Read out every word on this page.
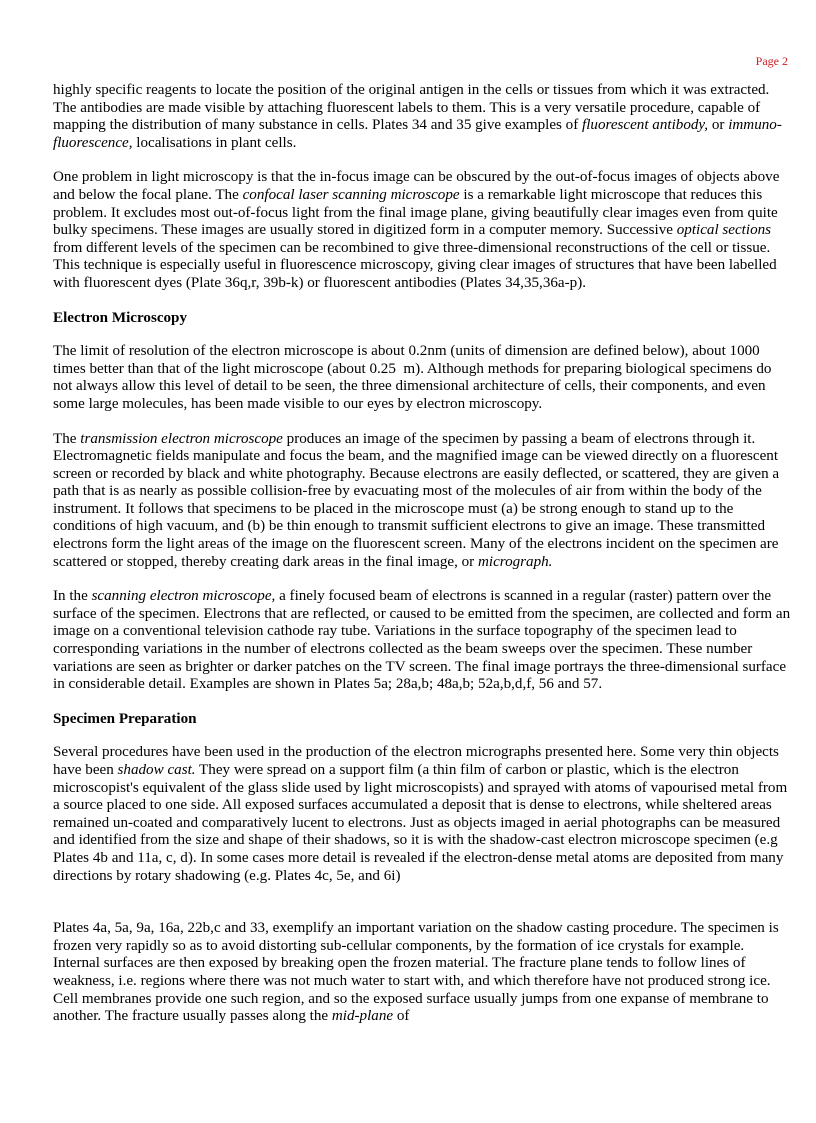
Page 2

highly specific reagents to locate the position of the original antigen in the cells or tissues from which it was extracted. The antibodies are made visible by attaching fluorescent labels to them. This is a very versatile procedure, capable of mapping the distribution of many substance in cells. Plates 34 and 35 give examples of fluorescent antibody, or immuno-fluorescence, localisations in plant cells.

One problem in light microscopy is that the in-focus image can be obscured by the out-of-focus images of objects above and below the focal plane. The confocal laser scanning microscope is a remarkable light microscope that reduces this problem. It excludes most out-of-focus light from the final image plane, giving beautifully clear images even from quite bulky specimens. These images are usually stored in digitized form in a computer memory. Successive optical sections from different levels of the specimen can be recombined to give three-dimensional reconstructions of the cell or tissue. This technique is especially useful in fluorescence microscopy, giving clear images of structures that have been labelled with fluorescent dyes (Plate 36q,r, 39b-k) or fluorescent antibodies (Plates 34,35,36a-p).

Electron Microscopy

The limit of resolution of the electron microscope is about 0.2nm (units of dimension are defined below), about 1000 times better than that of the light microscope (about 0.25  m). Although methods for preparing biological specimens do not always allow this level of detail to be seen, the three dimensional architecture of cells, their components, and even some large molecules, has been made visible to our eyes by electron microscopy.

The transmission electron microscope produces an image of the specimen by passing a beam of electrons through it. Electromagnetic fields manipulate and focus the beam, and the magnified image can be viewed directly on a fluorescent screen or recorded by black and white photography. Because electrons are easily deflected, or scattered, they are given a path that is as nearly as possible collision-free by evacuating most of the molecules of air from within the body of the instrument. It follows that specimens to be placed in the microscope must (a) be strong enough to stand up to the conditions of high vacuum, and (b) be thin enough to transmit sufficient electrons to give an image. These transmitted electrons form the light areas of the image on the fluorescent screen. Many of the electrons incident on the specimen are scattered or stopped, thereby creating dark areas in the final image, or micrograph.

In the scanning electron microscope, a finely focused beam of electrons is scanned in a regular (raster) pattern over the surface of the specimen. Electrons that are reflected, or caused to be emitted from the specimen, are collected and form an image on a conventional television cathode ray tube. Variations in the surface topography of the specimen lead to corresponding variations in the number of electrons collected as the beam sweeps over the specimen. These number variations are seen as brighter or darker patches on the TV screen. The final image portrays the three-dimensional surface in considerable detail. Examples are shown in Plates 5a; 28a,b; 48a,b; 52a,b,d,f, 56 and 57.

Specimen Preparation

Several procedures have been used in the production of the electron micrographs presented here. Some very thin objects have been shadow cast. They were spread on a support film (a thin film of carbon or plastic, which is the electron microscopist's equivalent of the glass slide used by light microscopists) and sprayed with atoms of vapourised metal from a source placed to one side. All exposed surfaces accumulated a deposit that is dense to electrons, while sheltered areas remained un-coated and comparatively lucent to electrons. Just as objects imaged in aerial photographs can be measured and identified from the size and shape of their shadows, so it is with the shadow-cast electron microscope specimen (e.g Plates 4b and 11a, c, d). In some cases more detail is revealed if the electron-dense metal atoms are deposited from many directions by rotary shadowing (e.g. Plates 4c, 5e, and 6i)

Plates 4a, 5a, 9a, 16a, 22b,c and 33, exemplify an important variation on the shadow casting procedure. The specimen is frozen very rapidly so as to avoid distorting sub-cellular components, by the formation of ice crystals for example. Internal surfaces are then exposed by breaking open the frozen material. The fracture plane tends to follow lines of weakness, i.e. regions where there was not much water to start with, and which therefore have not produced strong ice. Cell membranes provide one such region, and so the exposed surface usually jumps from one expanse of membrane to another. The fracture usually passes along the mid-plane of
